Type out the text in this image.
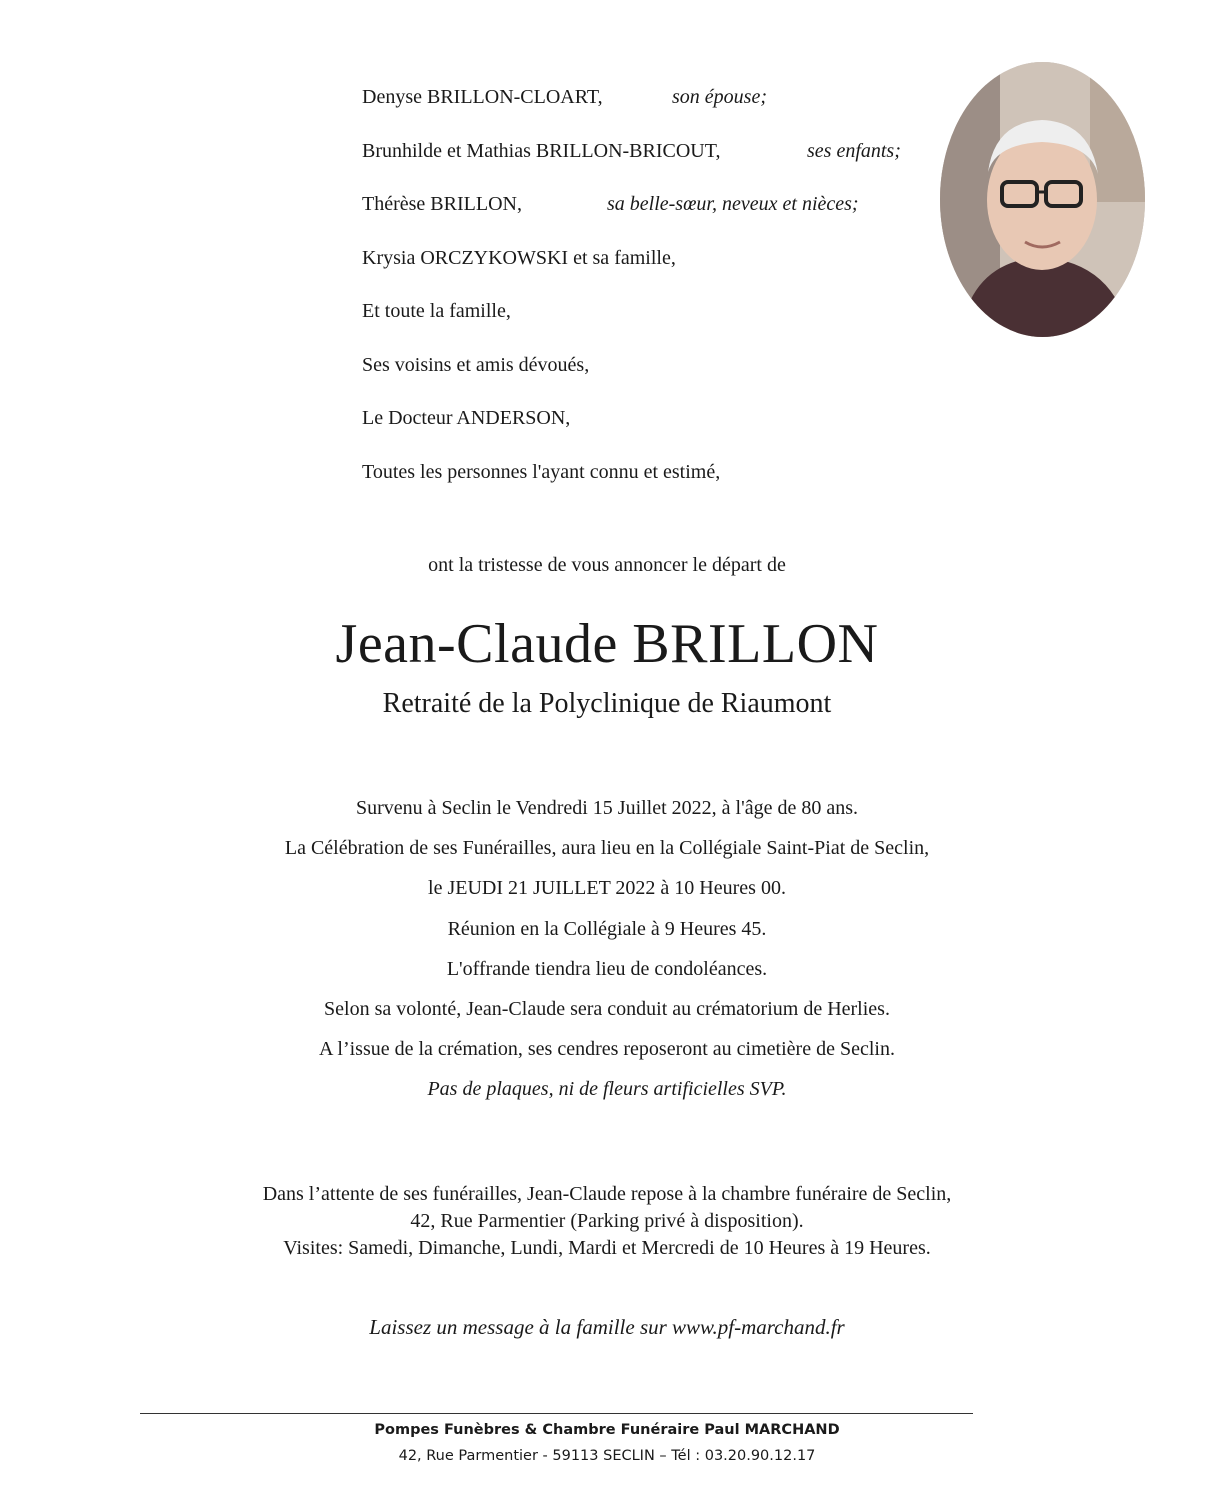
Denyse BRILLON-CLOART,	son épouse;
Brunhilde et Mathias BRILLON-BRICOUT,	ses enfants;
Thérèse BRILLON,	sa belle-sœur, neveux et nièces;
Krysia ORCZYKOWSKI et sa famille,
Et toute la famille,
Ses voisins et amis dévoués,
Le Docteur ANDERSON,
Toutes les personnes l'ayant connu et estimé,
ont la tristesse de vous annoncer le départ de
Jean-Claude BRILLON
Retraité de la Polyclinique de Riaumont
Survenu à Seclin le Vendredi 15 Juillet 2022, à l'âge de 80 ans.
La Célébration de ses Funérailles, aura lieu en la Collégiale Saint-Piat de Seclin,
le JEUDI 21 JUILLET 2022 à 10 Heures 00.
Réunion en la Collégiale à 9 Heures 45.
L'offrande tiendra lieu de condoléances.
Selon sa volonté, Jean-Claude sera conduit au crématorium de Herlies.
A l’issue de la crémation, ses cendres reposeront au cimetière de Seclin.
Pas de plaques, ni de fleurs artificielles SVP.
Dans l’attente de ses funérailles, Jean-Claude repose à la chambre funéraire de Seclin,
42, Rue Parmentier (Parking privé à disposition).
Visites: Samedi, Dimanche, Lundi, Mardi et Mercredi de 10 Heures à 19 Heures.
Laissez un message à la famille sur www.pf-marchand.fr
Pompes Funèbres & Chambre Funéraire Paul MARCHAND
42, Rue Parmentier - 59113 SECLIN – Tél : 03.20.90.12.17
